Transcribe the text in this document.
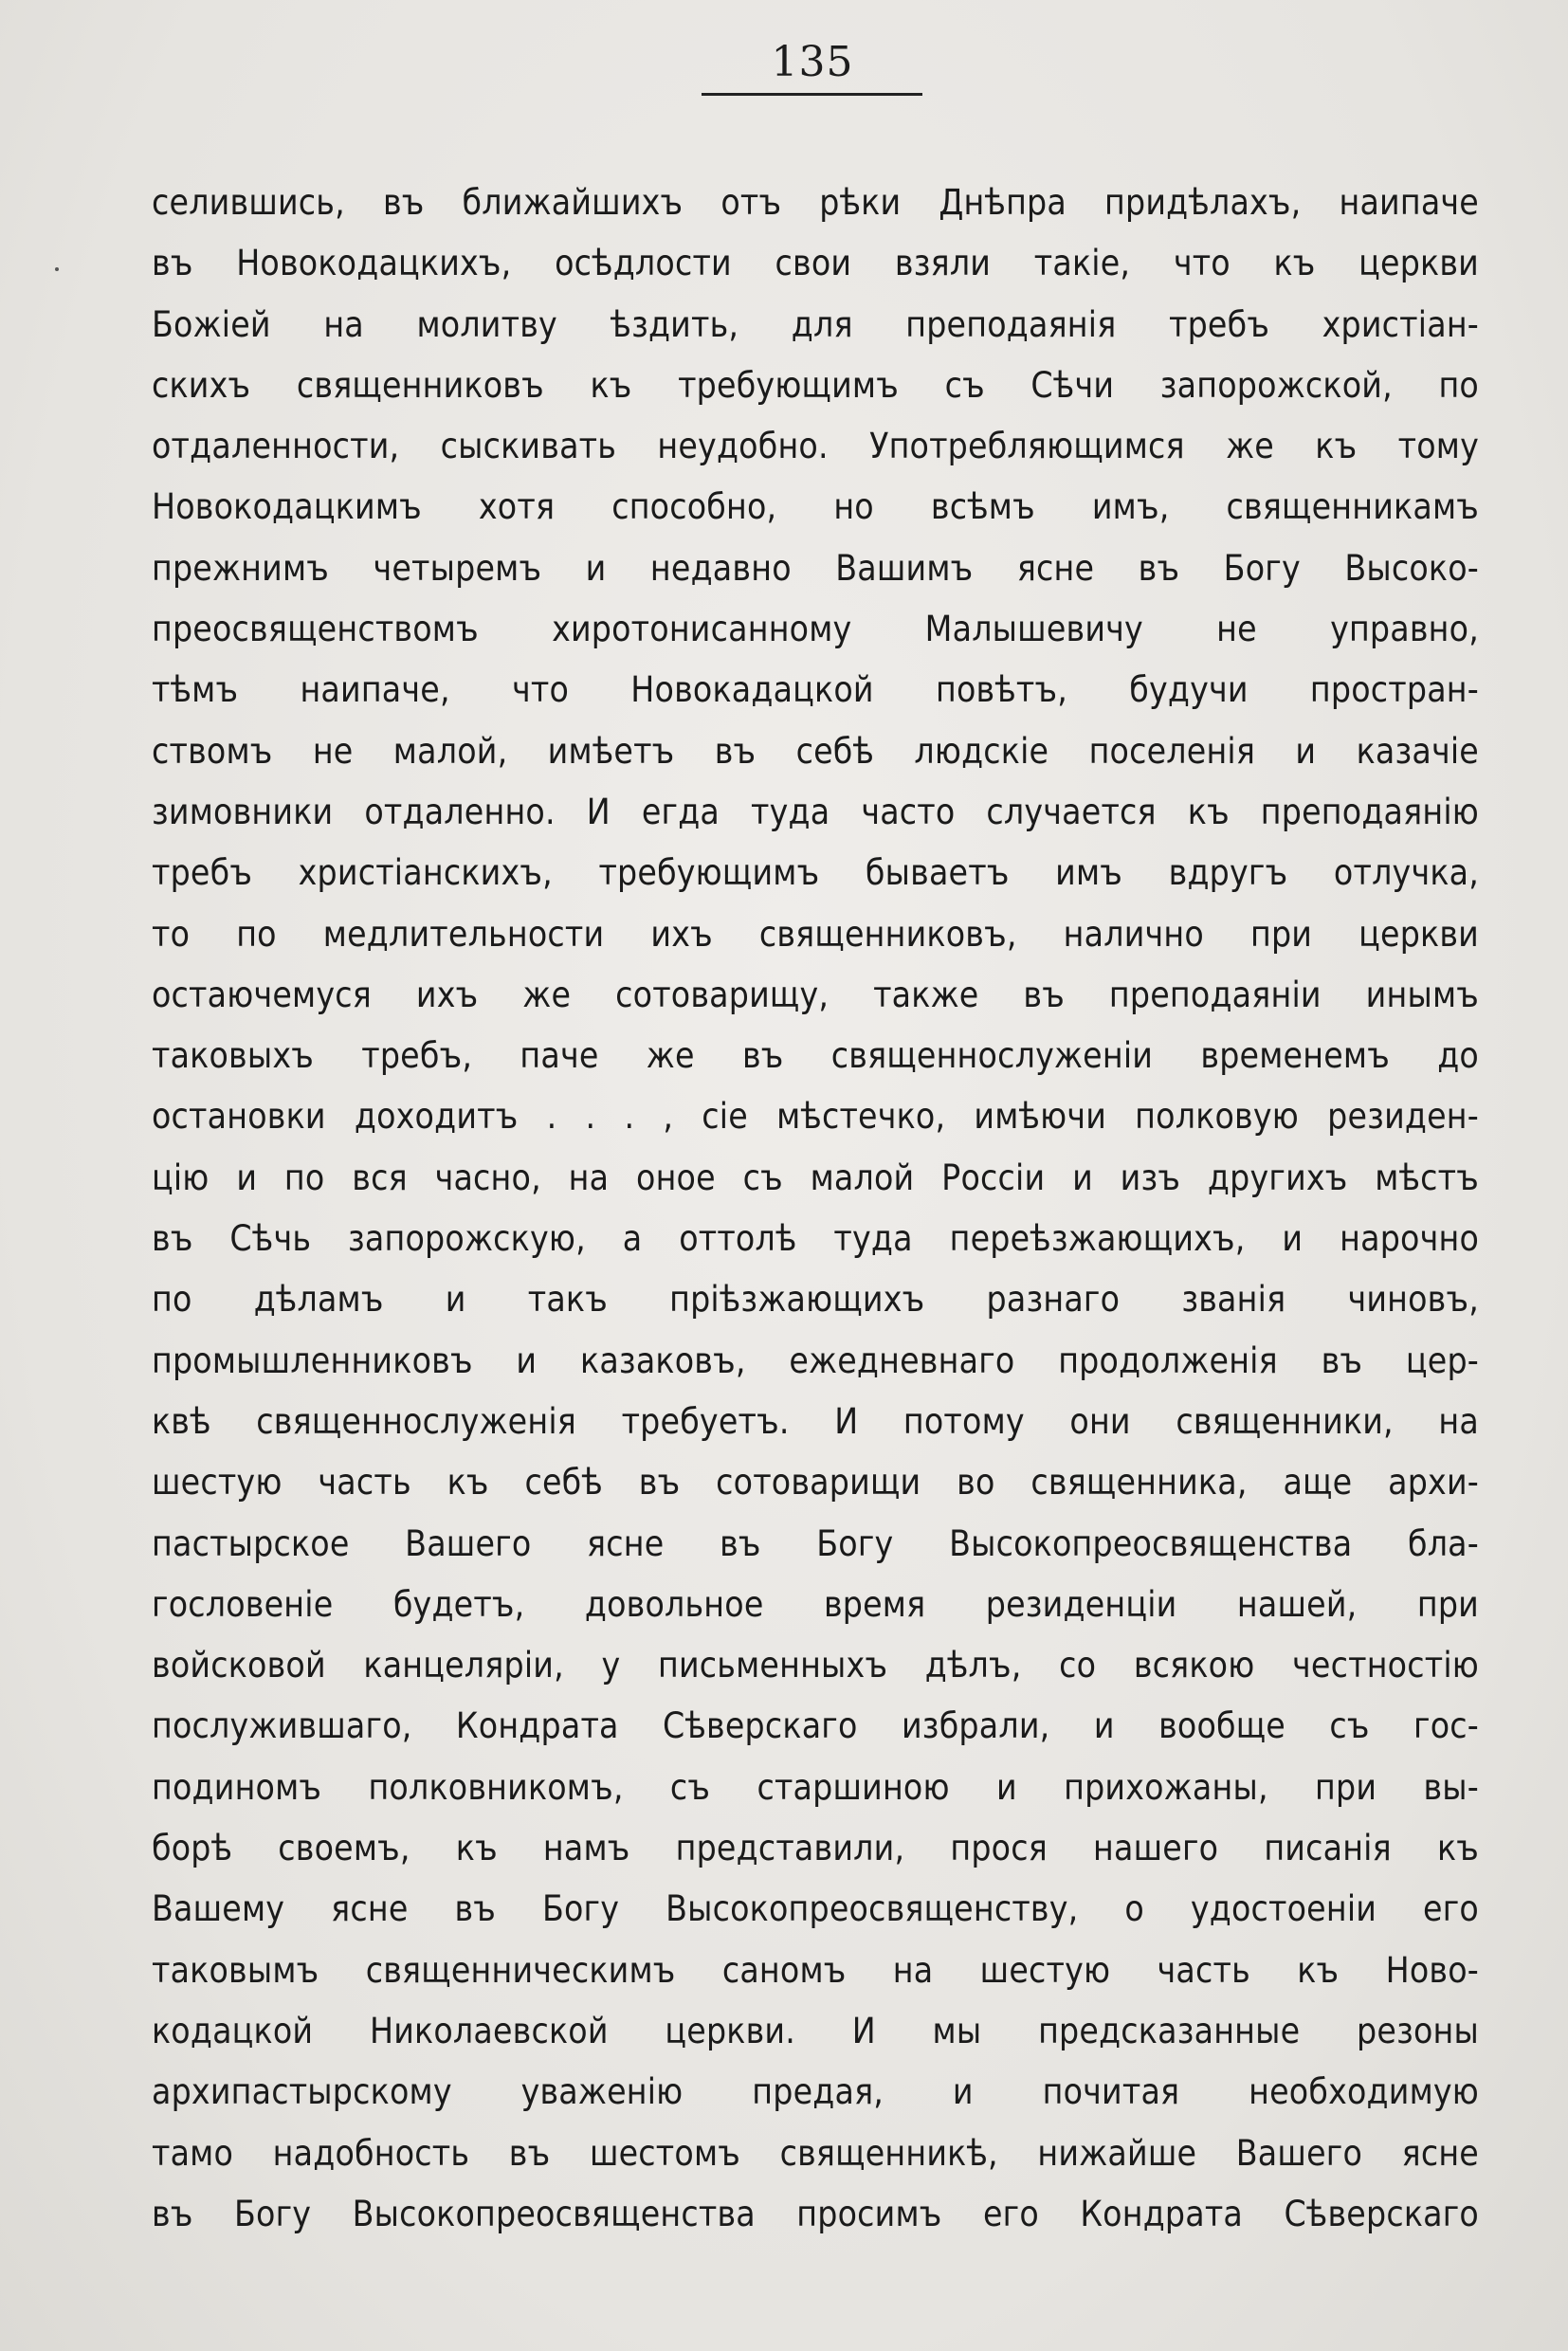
135
селившись, въ ближайшихъ отъ рѣки Днѣпра придѣлахъ, наипаче
въ Новокодацкихъ, осѣдлости свои взяли такіе, что къ церкви
Божіей на молитву ѣздить, для преподаянія требъ христіан-
скихъ священниковъ къ требующимъ съ Сѣчи запорожской, по
отдаленности, сыскивать неудобно. Употребляющимся же къ тому
Новокодацкимъ хотя способно, но всѣмъ имъ, священникамъ
прежнимъ четыремъ и недавно Вашимъ ясне въ Богу Высоко-
преосвященствомъ хиротонисанному Малышевичу не управно,
тѣмъ наипаче, что Новокадацкой повѣтъ, будучи простран-
ствомъ не малой, имѣетъ въ себѣ людскіе поселенія и казачіе
зимовники отдаленно. И егда туда часто случается къ преподаянію
требъ христіанскихъ, требующимъ бываетъ имъ вдругъ отлучка,
то по медлительности ихъ священниковъ, налично при церкви
остаючемуся ихъ же сотоварищу, также въ преподаяніи инымъ
таковыхъ требъ, паче же въ священнослуженіи временемъ до
остановки доходитъ . . . , сіе мѣстечко, имѣючи полковую резиден-
цію и по вся часно, на оное съ малой Россіи и изъ другихъ мѣстъ
въ Сѣчь запорожскую, а оттолѣ туда переѣзжающихъ, и нарочно
по дѣламъ и такъ пріѣзжающихъ разнаго званія чиновъ,
промышленниковъ и казаковъ, ежедневнаго продолженія въ цер-
квѣ священнослуженія требуетъ. И потому они священники, на
шестую часть къ себѣ въ сотоварищи во священника, аще архи-
пастырское Вашего ясне въ Богу Высокопреосвященства бла-
гословеніе будетъ, довольное время резиденціи нашей, при
войсковой канцеляріи, у письменныхъ дѣлъ, со всякою честностію
послужившаго, Кондрата Сѣверскаго избрали, и вообще съ гос-
подиномъ полковникомъ, съ старшиною и прихожаны, при вы-
борѣ своемъ, къ намъ представили, прося нашего писанія къ
Вашему ясне въ Богу Высокопреосвященству, о удостоеніи его
таковымъ священническимъ саномъ на шестую часть къ Ново-
кодацкой Николаевской церкви. И мы предсказанные резоны
архипастырскому уваженію предая, и почитая необходимую
тамо надобность въ шестомъ священникѣ, нижайше Вашего ясне
въ Богу Высокопреосвященства просимъ его Кондрата Сѣверскаго
